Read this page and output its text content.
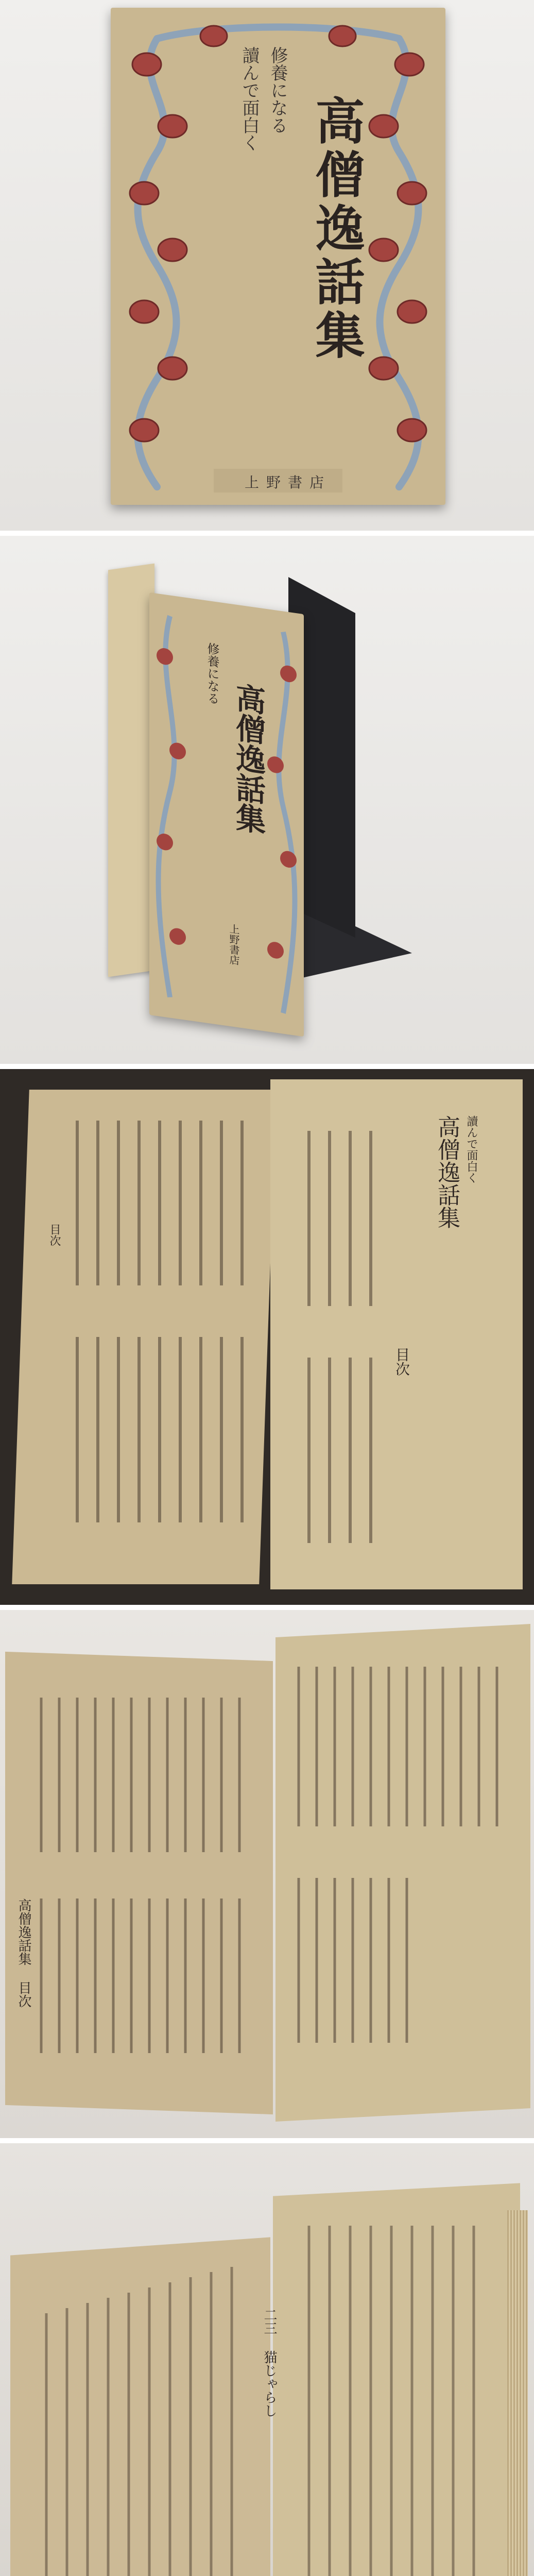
讀んで面白く 修養になる
高僧逸話集
上野書店
高僧逸話集
修養になる
上野書店
高僧逸話集 讀んで面白く
目次
目次
高僧逸話集 目次
二三 猫じゃらし
